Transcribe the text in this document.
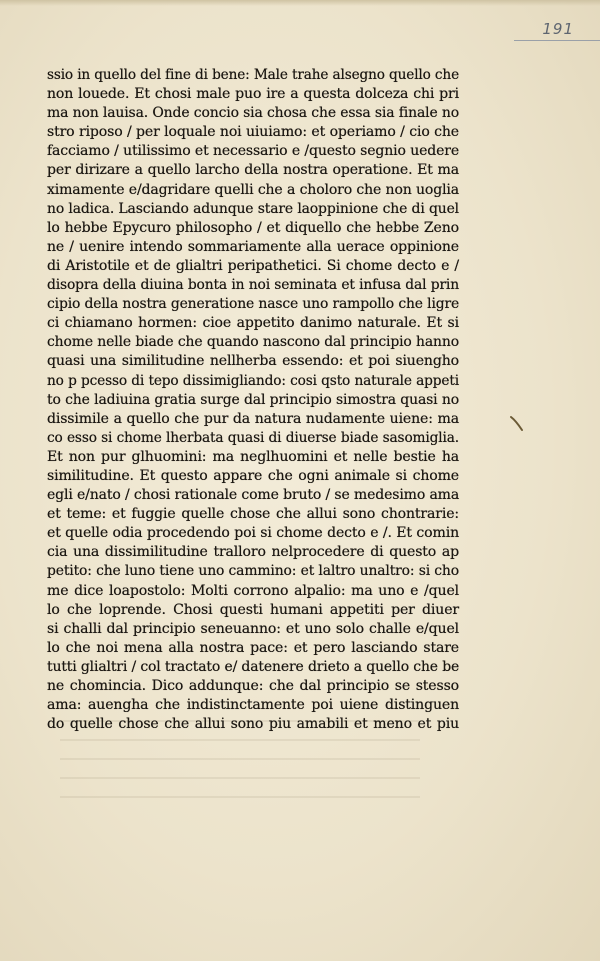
191
ssio in quello del fine di bene: Male trahe alsegno quello che
non louede. Et chosi male puo ire a questa dolceza chi pri
ma non lauisa. Onde concio sia chosa che essa sia finale no
stro riposo / per loquale noi uiuiamo: et operiamo / cio che
facciamo / utilissimo et necessario e /questo segnio uedere
per dirizare a quello larcho della nostra operatione. Et ma
ximamente e/dagridare quelli che a choloro che non uoglia
no ladica. Lasciando adunque stare laoppinione che di quel
lo hebbe Epycuro philosopho / et diquello che hebbe Zeno
ne / uenire intendo sommariamente alla uerace oppinione
di Aristotile et de glialtri peripathetici. Si chome decto e /
disopra della diuina bonta in noi seminata et infusa dal prin
cipio della nostra generatione nasce uno rampollo che ligre
ci chiamano hormen: cioe appetito danimo naturale. Et si
chome nelle biade che quando nascono dal principio hanno
quasi una similitudine nellherba essendo: et poi siuengho
no p pcesso di tepo dissimigliando: cosi qsto naturale appeti
to che ladiuina gratia surge dal principio simostra quasi no
dissimile a quello che pur da natura nudamente uiene: ma
co esso si chome lherbata quasi di diuerse biade sasomiglia.
Et non pur glhuomini: ma neglhuomini et nelle bestie ha
similitudine. Et questo appare che ogni animale si chome
egli e/nato / chosi rationale come bruto / se medesimo ama
et teme: et fuggie quelle chose che allui sono chontrarie:
et quelle odia procedendo poi si chome decto e /. Et comin
cia una dissimilitudine tralloro nelprocedere di questo ap
petito: che luno tiene uno cammino: et laltro unaltro: si cho
me dice loapostolo: Molti corrono alpalio: ma uno e /quel
lo che loprende. Chosi questi humani appetiti per diuer
si challi dal principio seneuanno: et uno solo challe e/quel
lo che noi mena alla nostra pace: et pero lasciando stare
tutti glialtri / col tractato e/ datenere drieto a quello che be
ne chomincia. Dico addunque: che dal principio se stesso
ama: auengha che indistinctamente poi uiene distinguen
do quelle chose che allui sono piu amabili et meno et piu
